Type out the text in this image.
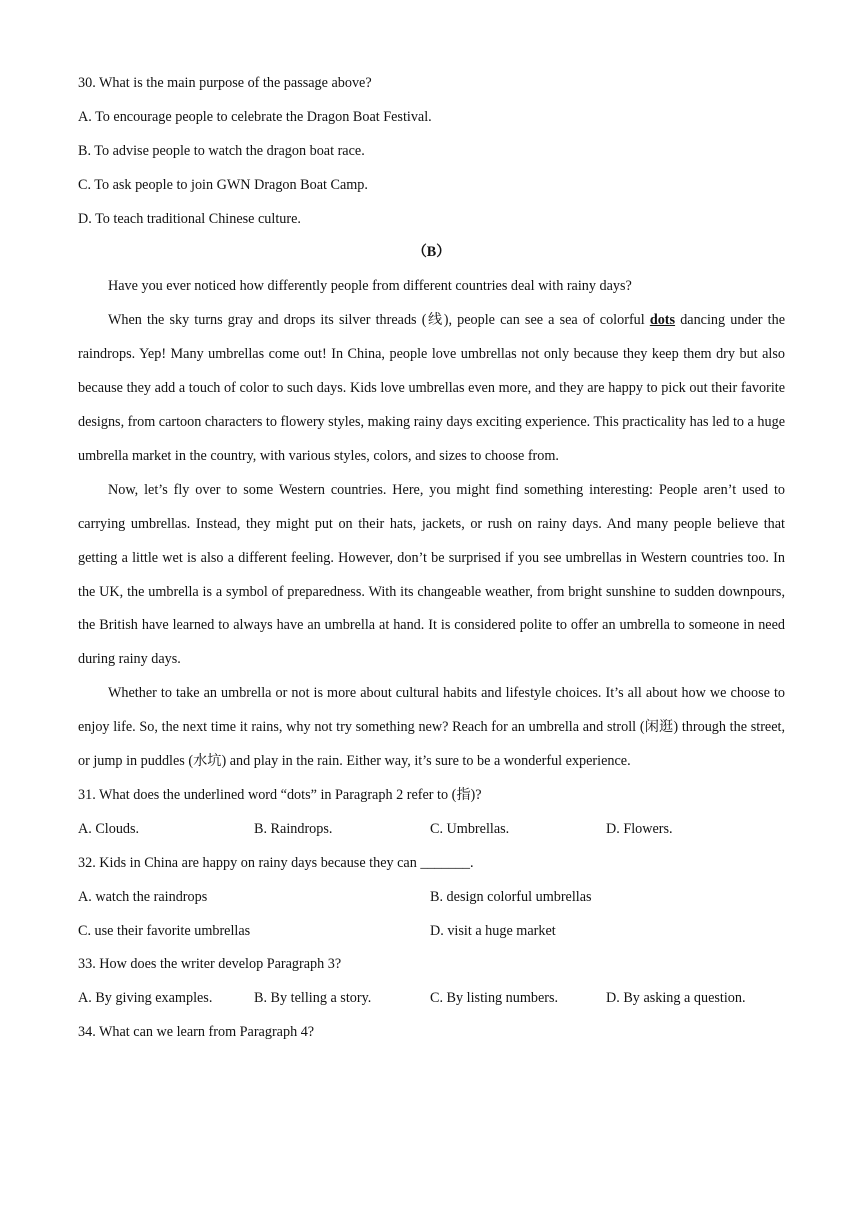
30. What is the main purpose of the passage above?

A. To encourage people to celebrate the Dragon Boat Festival.

B. To advise people to watch the dragon boat race.

C. To ask people to join GWN Dragon Boat Camp.

D. To teach traditional Chinese culture.

（B）

Have you ever noticed how differently people from different countries deal with rainy days?

When the sky turns gray and drops its silver threads (线), people can see a sea of colorful dots dancing under the raindrops. Yep! Many umbrellas come out! In China, people love umbrellas not only because they keep them dry but also because they add a touch of color to such days. Kids love umbrellas even more, and they are happy to pick out their favorite designs, from cartoon characters to flowery styles, making rainy days exciting experience. This practicality has led to a huge umbrella market in the country, with various styles, colors, and sizes to choose from.

Now, let’s fly over to some Western countries. Here, you might find something interesting: People aren’t used to carrying umbrellas. Instead, they might put on their hats, jackets, or rush on rainy days. And many people believe that getting a little wet is also a different feeling. However, don’t be surprised if you see umbrellas in Western countries too. In the UK, the umbrella is a symbol of preparedness. With its changeable weather, from bright sunshine to sudden downpours, the British have learned to always have an umbrella at hand. It is considered polite to offer an umbrella to someone in need during rainy days.

Whether to take an umbrella or not is more about cultural habits and lifestyle choices. It’s all about how we choose to enjoy life. So, the next time it rains, why not try something new? Reach for an umbrella and stroll (闲逛) through the street, or jump in puddles (水坑) and play in the rain. Either way, it’s sure to be a wonderful experience.

31. What does the underlined word “dots” in Paragraph 2 refer to (指)?

A. Clouds.	B. Raindrops.	C. Umbrellas.	D. Flowers.

32. Kids in China are happy on rainy days because they can _______.

A. watch the raindrops	B. design colorful umbrellas
C. use their favorite umbrellas	D. visit a huge market

33. How does the writer develop Paragraph 3?

A. By giving examples.	B. By telling a story.	C. By listing numbers.	D. By asking a question.

34. What can we learn from Paragraph 4?
